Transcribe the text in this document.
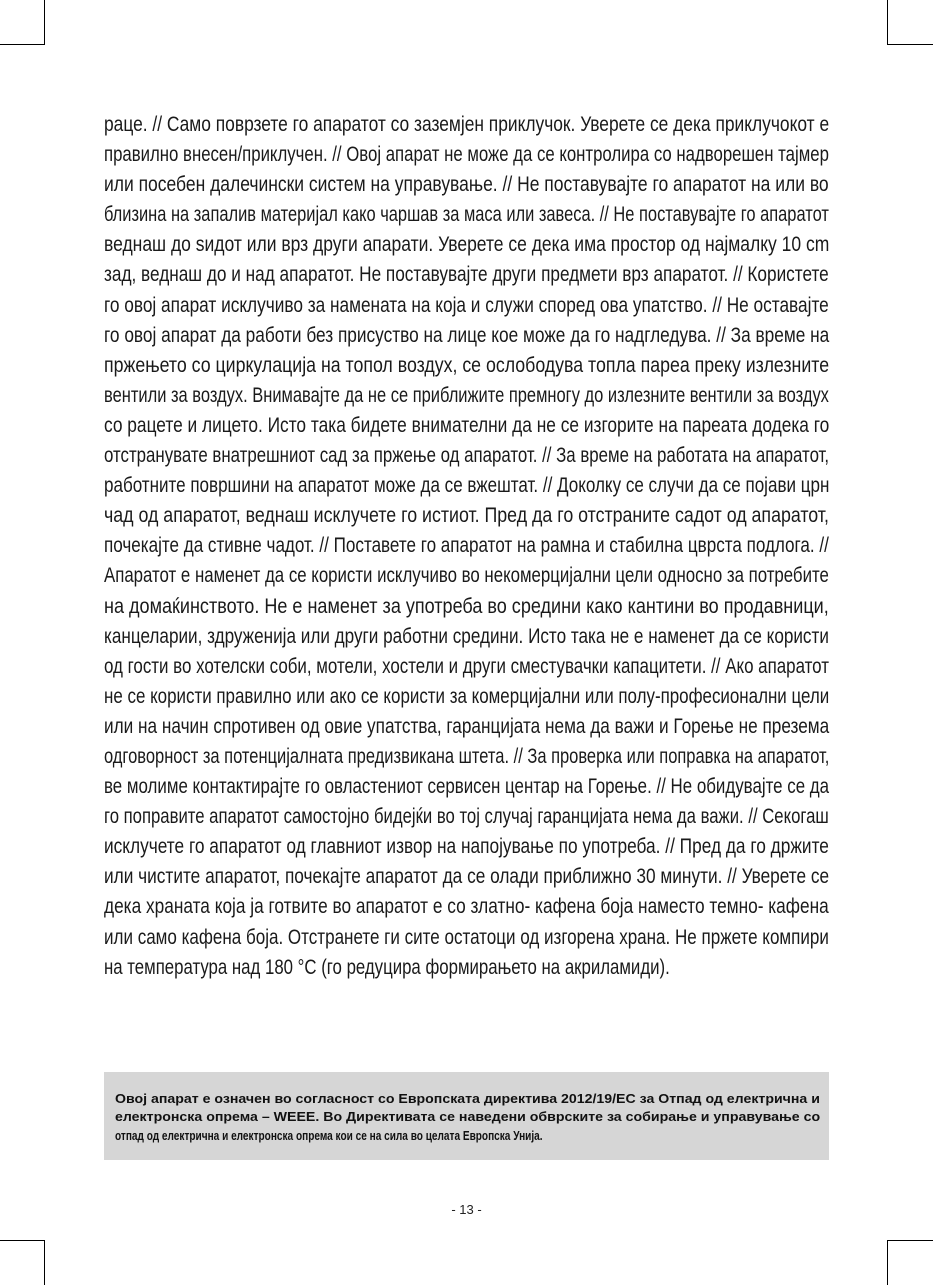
раце. // Само поврзете го апаратот со заземјен приклучок. Уверете се дека приклучокот е
правилно внесен/приклучен. // Овој апарат не може да се контролира со надворешен тајмер
или посебен далечински систем на управување. // Не поставувајте го апаратот на или во
близина на запалив материјал како чаршав за маса или завеса. // Не поставувајте го апаратот
веднаш до ѕидот или врз други апарати. Уверете се дека има простор од најмалку 10 cm
зад, веднаш до и над апаратот. Не поставувајте други предмети врз апаратот. // Користете
го овој апарат исклучиво за намената на која и служи според ова упатство. // Не оставајте
го овој апарат да работи без присуство на лице кое може да го надгледува. // За време на
пржењето со циркулација на топол воздух, се ослободува топла пареа преку излезните
вентили за воздух. Внимавајте да не се приближите премногу до излезните вентили за воздух
со рацете и лицето. Исто така бидете внимателни да не се изгорите на пареата додека го
отстранувате внатрешниот сад за пржење од апаратот. // За време на работата на апаратот,
работните површини на апаратот може да се вжештат. // Доколку се случи да се појави црн
чад од апаратот, веднаш исклучете го истиот. Пред да го отстраните садот од апаратот,
почекајте да стивне чадот. // Поставете го апаратот на рамна и стабилна цврста подлога. //
Апаратот е наменет да се користи исклучиво во некомерцијални цели односно за потребите
на домаќинството. Не е наменет за употреба во средини како кантини во продавници,
канцеларии, здруженија или други работни средини. Исто така не е наменет да се користи
од гости во хотелски соби, мотели, хостели и други сместувачки капацитети. // Ако апаратот
не се користи правилно или ако се користи за комерцијални или полу-професионални цели
или на начин спротивен од овие упатства, гаранцијата нема да важи и Горење не презема
одговорност за потенцијалната предизвикана штета. // За проверка или поправка на апаратот,
ве молиме контактирајте го овластениот сервисен центар на Горење. // Не обидувајте се да
го поправите апаратот самостојно бидејќи во тој случај гаранцијата нема да важи. // Секогаш
исклучете го апаратот од главниот извор на напојување по употреба. // Пред да го држите
или чистите апаратот, почекајте апаратот да се олади приближно 30 минути. // Уверете се
дека храната која ја готвите во апаратот е со златно- кафена боја наместо темно- кафена
или само кафена боја. Отстранете ги сите остатоци од изгорена храна. Не пржете компири
на температура над 180 °С (го редуцира формирањето на акриламиди).
Овој апарат е означен во согласност со Европската директива 2012/19/EC за Отпад од електрична и
електронска опрема – WEEE. Во Директивата се наведени обврските за собирање и управување со
отпад од електрична и електронска опрема кои се на сила во целата Европска Унија.
- 13 -
